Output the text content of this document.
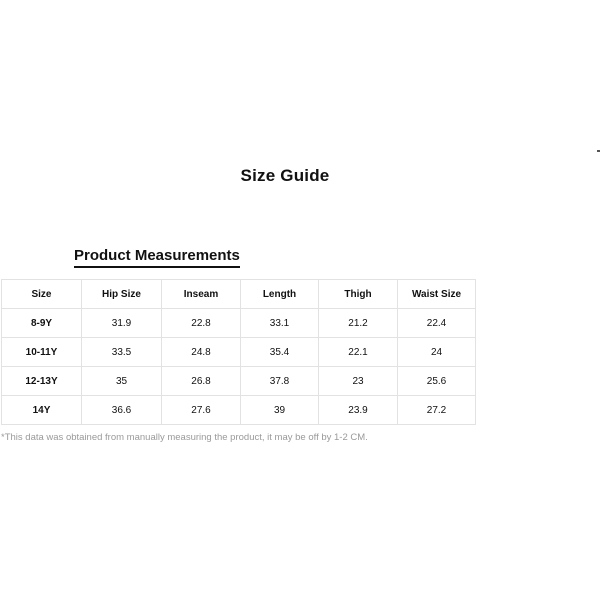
Size Guide
Product Measurements
Size	Hip Size	Inseam	Length	Thigh	Waist Size
8-9Y	31.9	22.8	33.1	21.2	22.4
10-11Y	33.5	24.8	35.4	22.1	24
12-13Y	35	26.8	37.8	23	25.6
14Y	36.6	27.6	39	23.9	27.2
*This data was obtained from manually measuring the product, it may be off by 1-2 CM.
